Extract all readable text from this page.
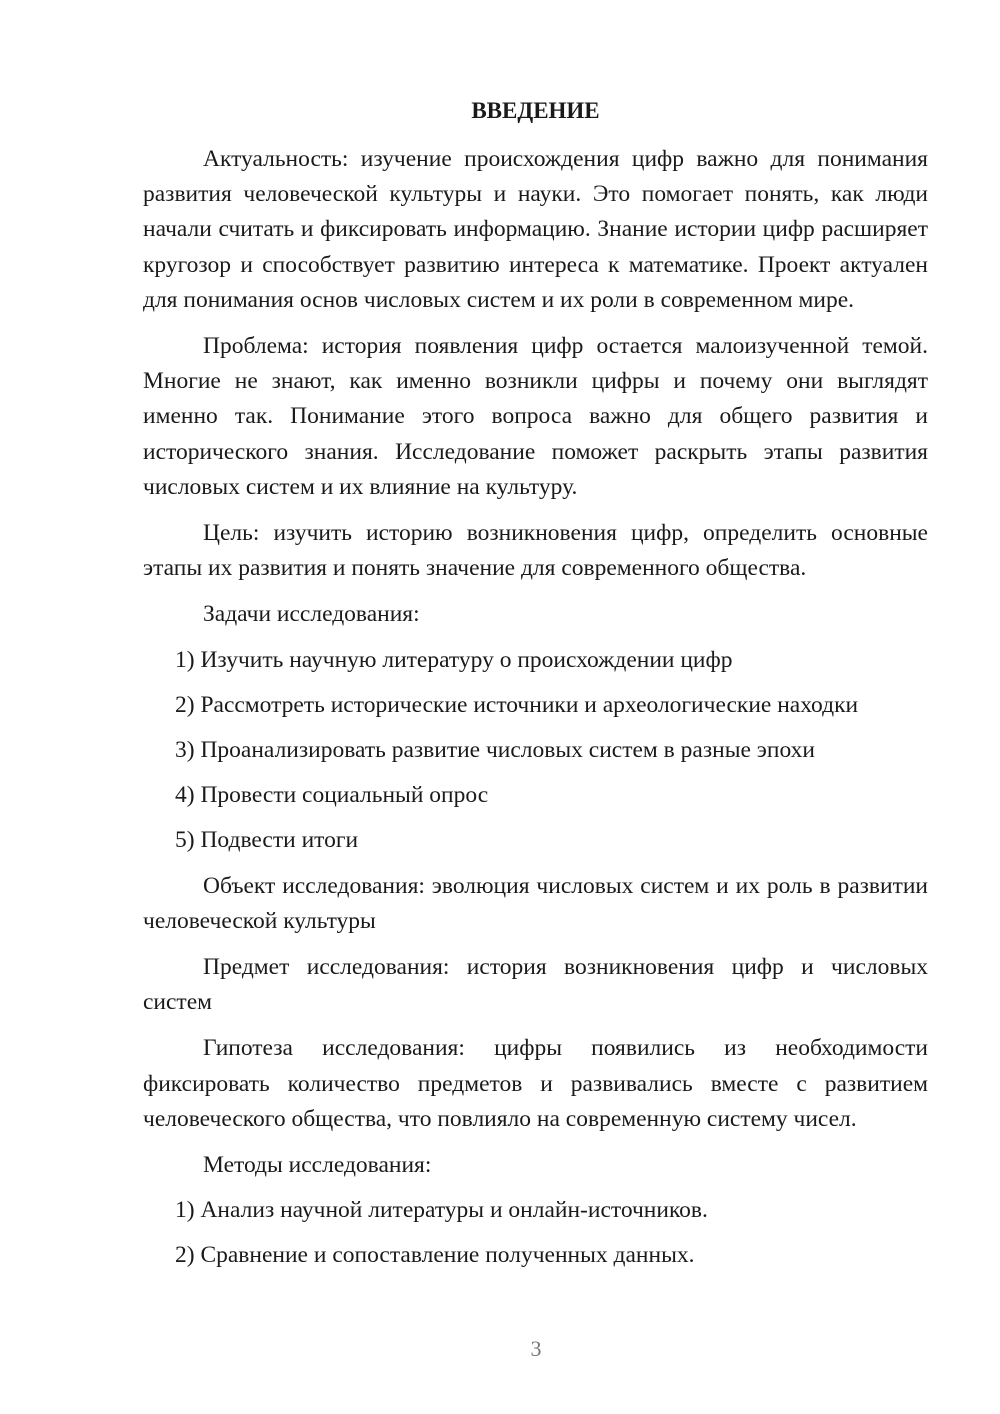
ВВЕДЕНИЕ

Актуальность: изучение происхождения цифр важно для понимания развития человеческой культуры и науки. Это помогает понять, как люди начали считать и фиксировать информацию. Знание истории цифр расширяет кругозор и способствует развитию интереса к математике. Проект актуален для понимания основ числовых систем и их роли в современном мире.

Проблема: история появления цифр остается малоизученной темой. Многие не знают, как именно возникли цифры и почему они выглядят именно так. Понимание этого вопроса важно для общего развития и исторического знания. Исследование поможет раскрыть этапы развития числовых систем и их влияние на культуру.

Цель: изучить историю возникновения цифр, определить основные этапы их развития и понять значение для современного общества.

Задачи исследования:
1) Изучить научную литературу о происхождении цифр
2) Рассмотреть исторические источники и археологические находки
3) Проанализировать развитие числовых систем в разные эпохи
4) Провести социальный опрос
5) Подвести итоги

Объект исследования: эволюция числовых систем и их роль в развитии человеческой культуры

Предмет исследования: история возникновения цифр и числовых систем

Гипотеза исследования: цифры появились из необходимости фиксировать количество предметов и развивались вместе с развитием человеческого общества, что повлияло на современную систему чисел.

Методы исследования:
1) Анализ научной литературы и онлайн-источников.
2) Сравнение и сопоставление полученных данных.
3
